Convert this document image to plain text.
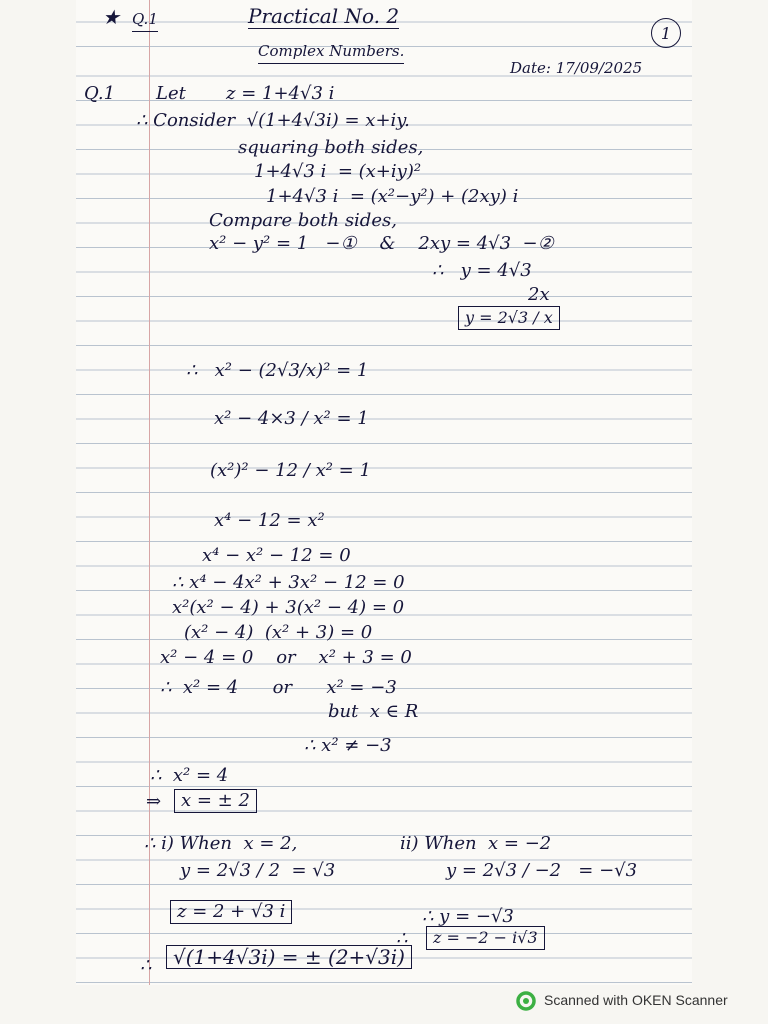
★ Q.1	Practical No. 2
Complex Numbers.
Date: 17/09/2025
Q.1 Let z = 1+4√3 i
∴ Consider  √(1+4√3i) = x+iy.
squaring both sides,
1+4√3 i  = (x+iy)²
1+4√3 i  = (x²−y²) + (2xy) i
Compare both sides,
x² − y² = 1   −①    &    2xy = 4√3  −②
∴   y = 4√3
2x
∴   x² − (2√3/x)² = 1
x² − 4×3 / x² = 1
(x²)² − 12 / x² = 1
x⁴ − 12 = x²
x⁴ − x² − 12 = 0
∴ x⁴ − 4x² + 3x² − 12 = 0
x²(x² − 4) + 3(x² − 4) = 0
(x² − 4)  (x² + 3) = 0
x² − 4 = 0    or    x² + 3 = 0
∴  x² = 4      or      x² = −3
but  x ∈ R
∴ x² ≠ −3
∴  x² = 4
⇒
∴ i) When  x = 2,	ii) When  x = −2
y = 2√3 / 2  = √3	y = 2√3 / −2   = −√3
∴ y = −√3
∴
∴
y = 2√3 / x
x = ± 2
z = 2 + √3 i
z = −2 − i√3
√(1+4√3i) = ± (2+√3i)
1
Scanned with OKEN Scanner
